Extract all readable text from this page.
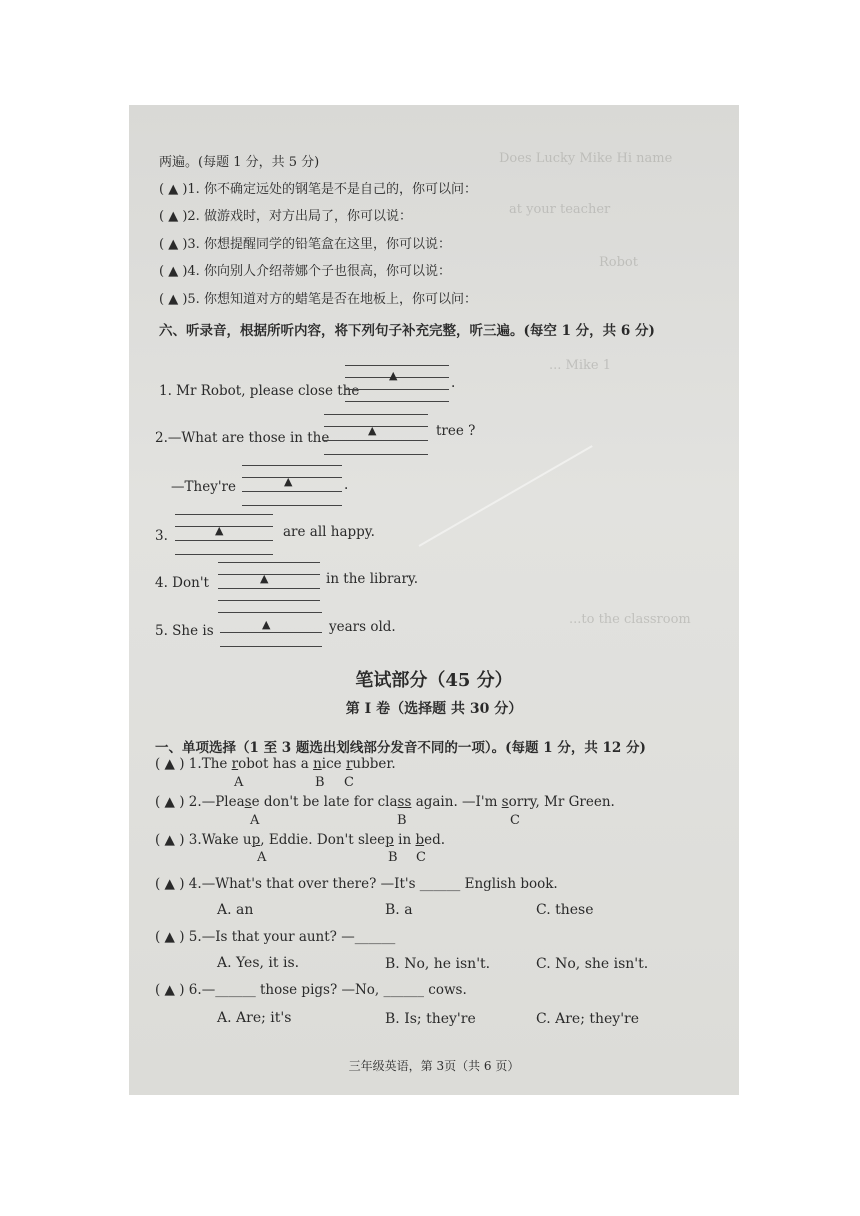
Does Lucky Mike Hi name
at your teacher
Robot
... Mike 1
...to the classroom
两遍。(每题 1 分，共 5 分)
( ▲ )1. 你不确定远处的钢笔是不是自己的，你可以问：
( ▲ )2. 做游戏时，对方出局了，你可以说：
( ▲ )3. 你想提醒同学的铅笔盒在这里，你可以说：
( ▲ )4. 你向别人介绍蒂娜个子也很高，你可以说：
( ▲ )5. 你想知道对方的蜡笔是否在地板上，你可以问：
六、听录音，根据所听内容，将下列句子补充完整，听三遍。(每空 1 分，共 6 分)
1. Mr Robot, please close the
▲	.
2.—What are those in the	▲	tree ?
—They're	▲	.
3.	▲	are all happy.
4. Don't	▲	in the library.
5. She is	▲	years old.
笔试部分（45 分）
第 I 卷（选择题 共 30 分）
一、单项选择（1 至 3 题选出划线部分发音不同的一项）。(每题 1 分，共 12 分)
( ▲ ) 1.The robot has a nice rubber.
A	B C
( ▲ ) 2.—Please don't be late for class again. —I'm sorry, Mr Green.
A	B	C
( ▲ ) 3.Wake up, Eddie. Don't sleep in bed.
A	B C
( ▲ ) 4.—What's that over there? —It's ______ English book.
A. an	B. a	C. these
( ▲ ) 5.—Is that your aunt? —______
A. Yes, it is.	B. No, he isn't.	C. No, she isn't.
( ▲ ) 6.—______ those pigs? —No, ______ cows.
A. Are; it's	B. Is; they're	C. Are; they're
三年级英语，第 3页（共 6 页）
